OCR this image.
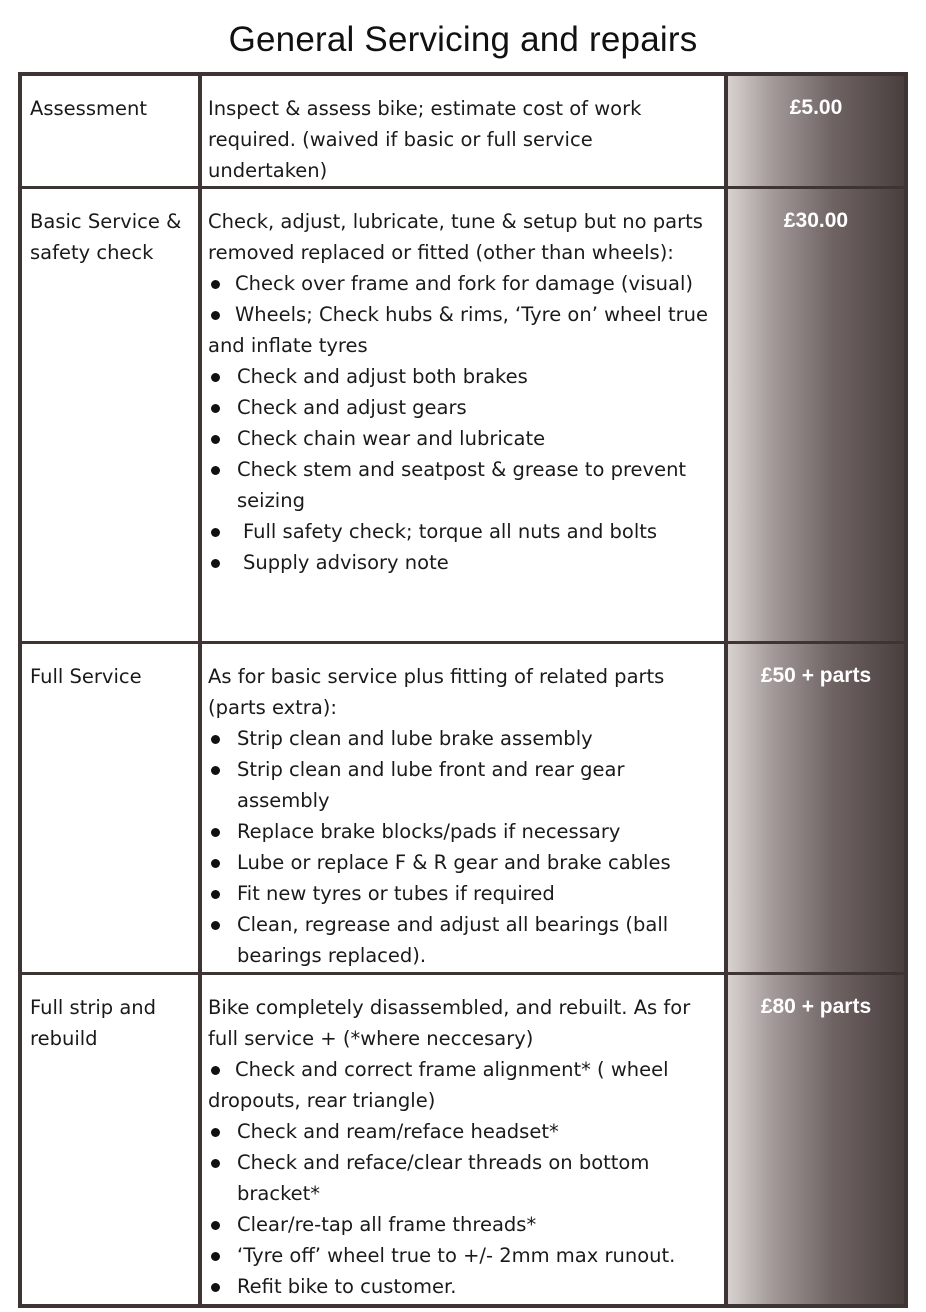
General Servicing and repairs
Assessment	Inspect & assess bike; estimate cost of work required. (waived if basic or full service undertaken)
£5.00
Basic Service & safety check
Check, adjust, lubricate, tune & setup but no parts removed replaced or fitted (other than wheels):
Check over frame and fork for damage (visual)
Wheels; Check hubs & rims, ‘Tyre on’ wheel true and inflate tyres
Check and adjust both brakes
Check and adjust gears
Check chain wear and lubricate
Check stem and seatpost & grease to prevent seizing
Full safety check; torque all nuts and bolts
Supply advisory note
£30.00
Full Service	As for basic service plus fitting of related parts (parts extra):
Strip clean and lube brake assembly
Strip clean and lube front and rear gear assembly
Replace brake blocks/pads if necessary
Lube or replace F & R gear and brake cables
Fit new tyres or tubes if required
Clean, regrease and adjust all bearings (ball bearings replaced).
£50 + parts
Full strip and rebuild
Bike completely disassembled, and rebuilt. As for full service + (*where neccesary)
Check and correct frame alignment* ( wheel dropouts, rear triangle)
Check and ream/reface headset*
Check and reface/clear threads on bottom bracket*
Clear/re-tap all frame threads*
‘Tyre off’ wheel true to +/- 2mm max runout.
Refit bike to customer.
£80 + parts
